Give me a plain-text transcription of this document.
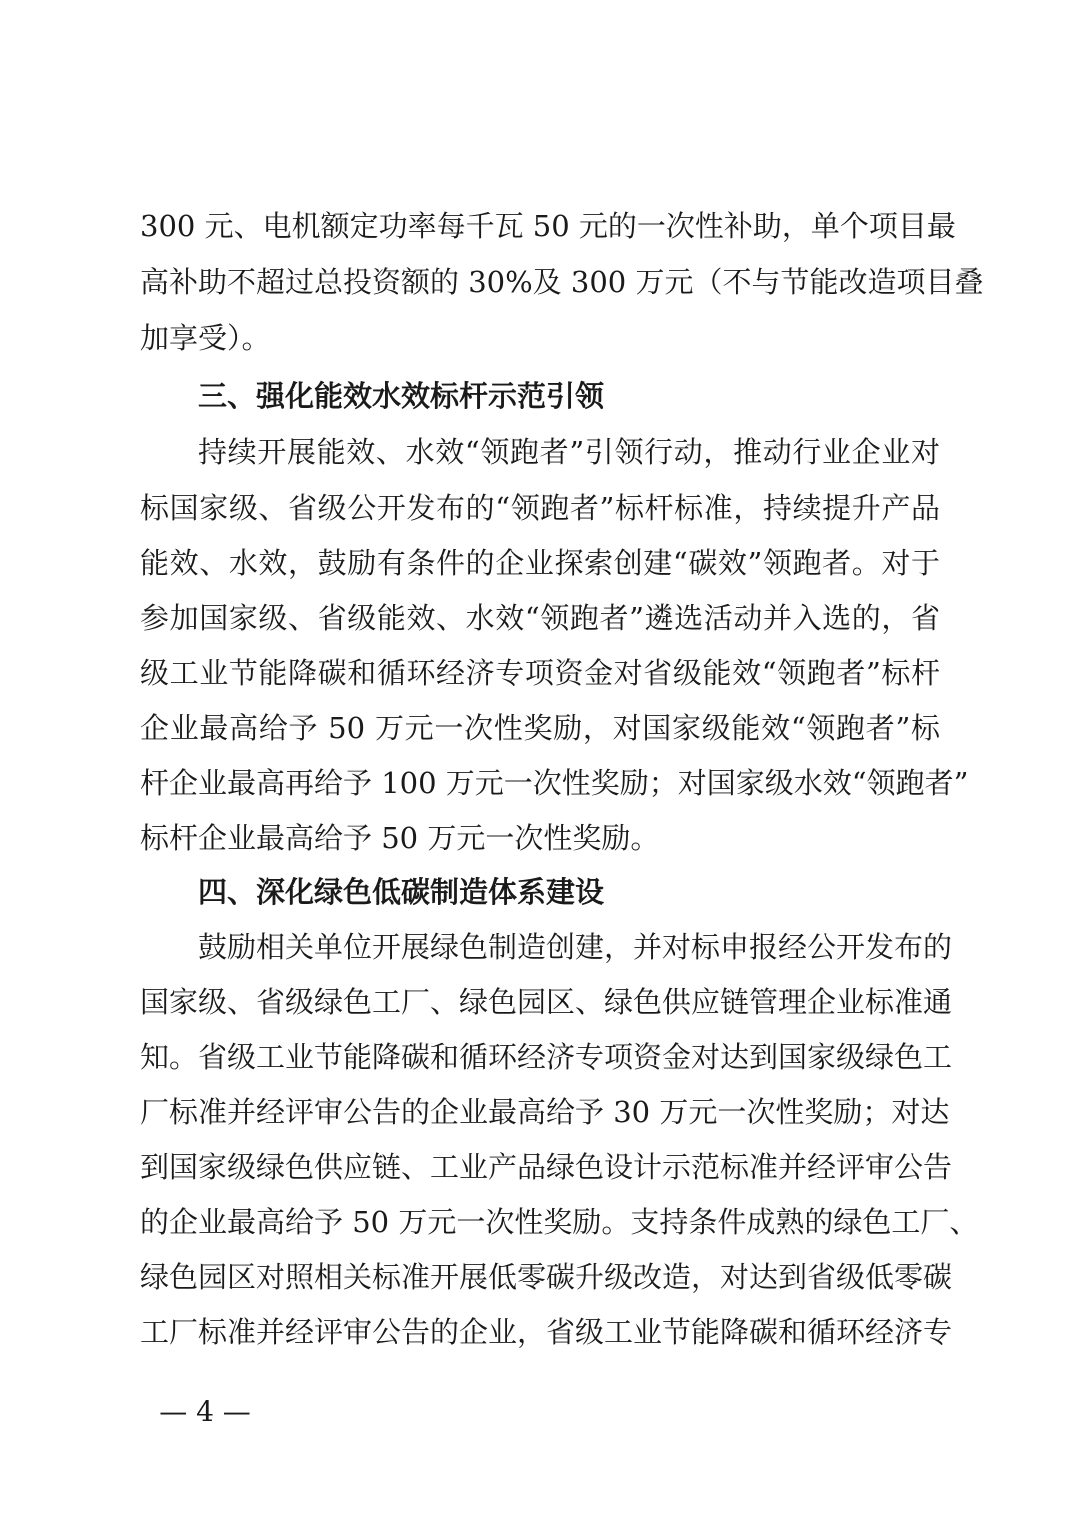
300 元、电机额定功率每千瓦 50 元的一次性补助，单个项目最
高补助不超过总投资额的 30%及 300 万元（不与节能改造项目叠
加享受）。
三、强化能效水效标杆示范引领
持续开展能效、水效“领跑者”引领行动，推动行业企业对
标国家级、省级公开发布的“领跑者”标杆标准，持续提升产品
能效、水效，鼓励有条件的企业探索创建“碳效”领跑者。对于
参加国家级、省级能效、水效“领跑者”遴选活动并入选的，省
级工业节能降碳和循环经济专项资金对省级能效“领跑者”标杆
企业最高给予 50 万元一次性奖励，对国家级能效“领跑者”标
杆企业最高再给予 100 万元一次性奖励；对国家级水效“领跑者”
标杆企业最高给予 50 万元一次性奖励。
四、深化绿色低碳制造体系建设
鼓励相关单位开展绿色制造创建，并对标申报经公开发布的
国家级、省级绿色工厂、绿色园区、绿色供应链管理企业标准通
知。省级工业节能降碳和循环经济专项资金对达到国家级绿色工
厂标准并经评审公告的企业最高给予 30 万元一次性奖励；对达
到国家级绿色供应链、工业产品绿色设计示范标准并经评审公告
的企业最高给予 50 万元一次性奖励。支持条件成熟的绿色工厂、
绿色园区对照相关标准开展低零碳升级改造，对达到省级低零碳
工厂标准并经评审公告的企业，省级工业节能降碳和循环经济专
— 4 —
